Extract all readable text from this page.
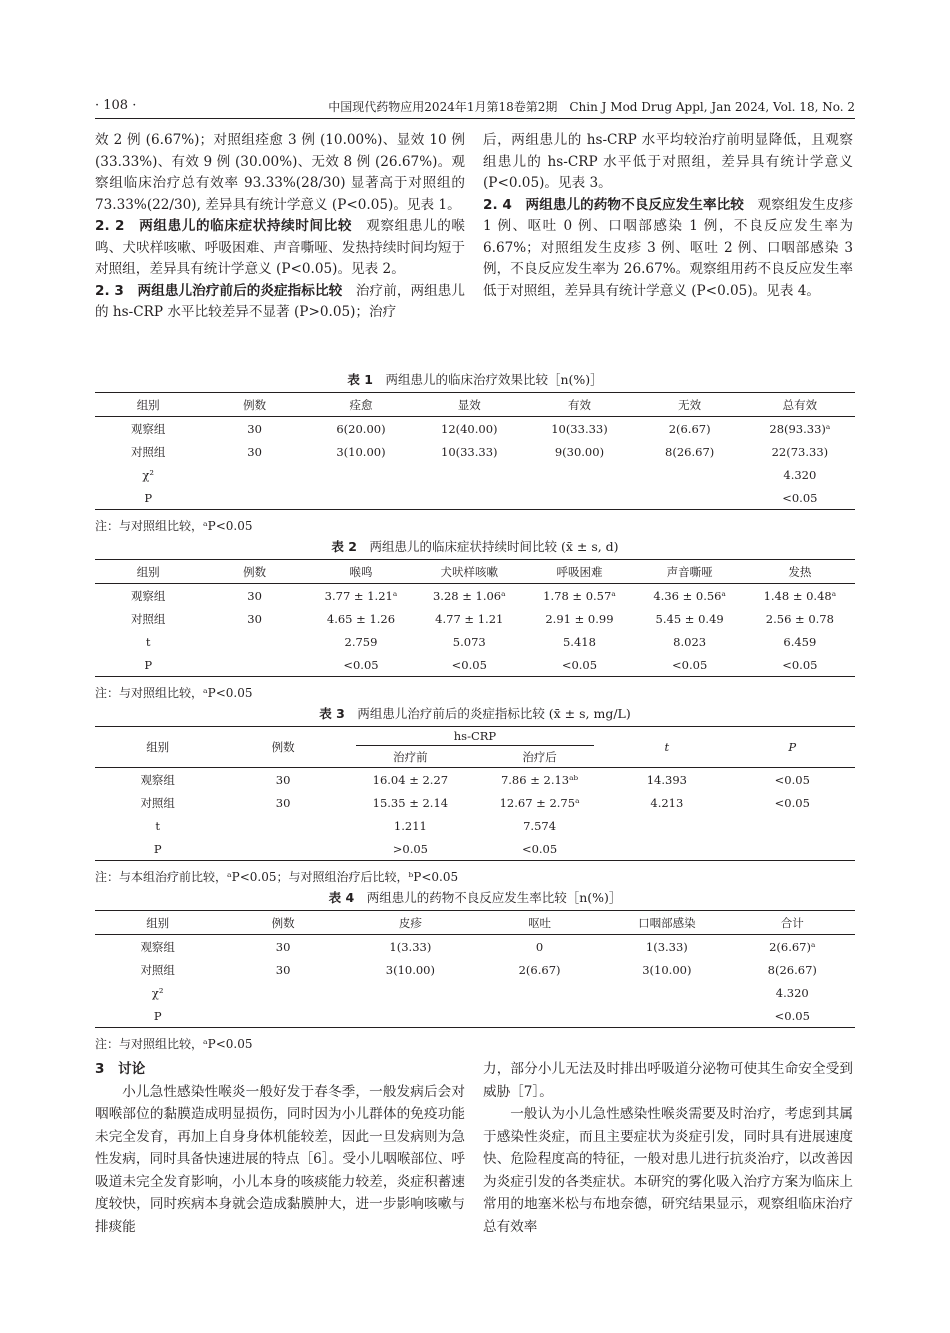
· 108 ·	中国现代药物应用2024年1月第18卷第2期　Chin J Mod Drug Appl, Jan 2024, Vol. 18, No. 2

效 2 例 (6.67%)；对照组痊愈 3 例 (10.00%)、显效 10 例 (33.33%)、有效 9 例 (30.00%)、无效 8 例 (26.67%)。观察组临床治疗总有效率 93.33%(28/30) 显著高于对照组的 73.33%(22/30), 差异具有统计学意义 (P<0.05)。见表 1。

2. 2　两组患儿的临床症状持续时间比较　 观察组患儿的喉鸣、犬吠样咳嗽、呼吸困难、声音嘶哑、发热持续时间均短于对照组，差异具有统计学意义 (P<0.05)。见表 2。

2. 3　两组患儿治疗前后的炎症指标比较　 治疗前，两组患儿的 hs-CRP 水平比较差异不显著 (P>0.05)；治疗

后，两组患儿的 hs-CRP 水平均较治疗前明显降低，且观察组患儿的 hs-CRP 水平低于对照组，差异具有统计学意义 (P<0.05)。见表 3。

2. 4　两组患儿的药物不良反应发生率比较　 观察组发生皮疹 1 例、呕吐 0 例、口咽部感染 1 例，不良反应发生率为 6.67%；对照组发生皮疹 3 例、呕吐 2 例、口咽部感染 3 例，不良反应发生率为 26.67%。观察组用药不良反应发生率低于对照组，差异具有统计学意义 (P<0.05)。见表 4。

表 1　 两组患儿的临床治疗效果比较［n(%)］
组别	例数	痊愈	显效	有效	无效	总有效
观察组	30	6(20.00)	12(40.00)	10(33.33)	2(6.67)	28(93.33)ᵃ
对照组	30	3(10.00)	10(33.33)	9(30.00)	8(26.67)	22(73.33)
χ²						4.320
P						<0.05
注：与对照组比较，ᵃP<0.05
表 2　 两组患儿的临床症状持续时间比较 (x̄ ± s, d)
组别	例数	喉鸣	犬吠样咳嗽	呼吸困难	声音嘶哑	发热
观察组	30	3.77 ± 1.21ᵃ	3.28 ± 1.06ᵃ	1.78 ± 0.57ᵃ	4.36 ± 0.56ᵃ	1.48 ± 0.48ᵃ
对照组	30	4.65 ± 1.26	4.77 ± 1.21	2.91 ± 0.99	5.45 ± 0.49	2.56 ± 0.78
t		2.759	5.073	5.418	8.023	6.459
P		<0.05	<0.05	<0.05	<0.05	<0.05
注：与对照组比较，ᵃP<0.05
表 3　 两组患儿治疗前后的炎症指标比较 (x̄ ± s, mg/L)
组别	例数	hs-CRP		t	P
		治疗前	治疗后		
观察组	30	16.04 ± 2.27	7.86 ± 2.13ᵃᵇ	14.393	<0.05
对照组	30	15.35 ± 2.14	12.67 ± 2.75ᵃ	4.213	<0.05
t		1.211	7.574		
P		>0.05	<0.05		
注：与本组治疗前比较，ᵃP<0.05；与对照组治疗后比较，ᵇP<0.05
表 4　 两组患儿的药物不良反应发生率比较［n(%)］
组别	例数	皮疹	呕吐	口咽部感染	合计
观察组	30	1(3.33)	0	1(3.33)	2(6.67)ᵃ
对照组	30	3(10.00)	2(6.67)	3(10.00)	8(26.67)
χ²					4.320
P					<0.05
注：与对照组比较，ᵃP<0.05

3　讨论

小儿急性感染性喉炎一般好发于春冬季，一般发病后会对咽喉部位的黏膜造成明显损伤，同时因为小儿群体的免疫功能未完全发育，再加上自身身体机能较差，因此一旦发病则为急性发病，同时具备快速进展的特点［6］。受小儿咽喉部位、呼吸道未完全发育影响，小儿本身的咳痰能力较差，炎症积蓄速度较快，同时疾病本身就会造成黏膜肿大，进一步影响咳嗽与排痰能

力，部分小儿无法及时排出呼吸道分泌物可使其生命安全受到威胁［7］。

一般认为小儿急性感染性喉炎需要及时治疗，考虑到其属于感染性炎症，而且主要症状为炎症引发，同时具有进展速度快、危险程度高的特征，一般对患儿进行抗炎治疗，以改善因为炎症引发的各类症状。本研究的雾化吸入治疗方案为临床上常用的地塞米松与布地奈德，研究结果显示，观察组临床治疗总有效率
